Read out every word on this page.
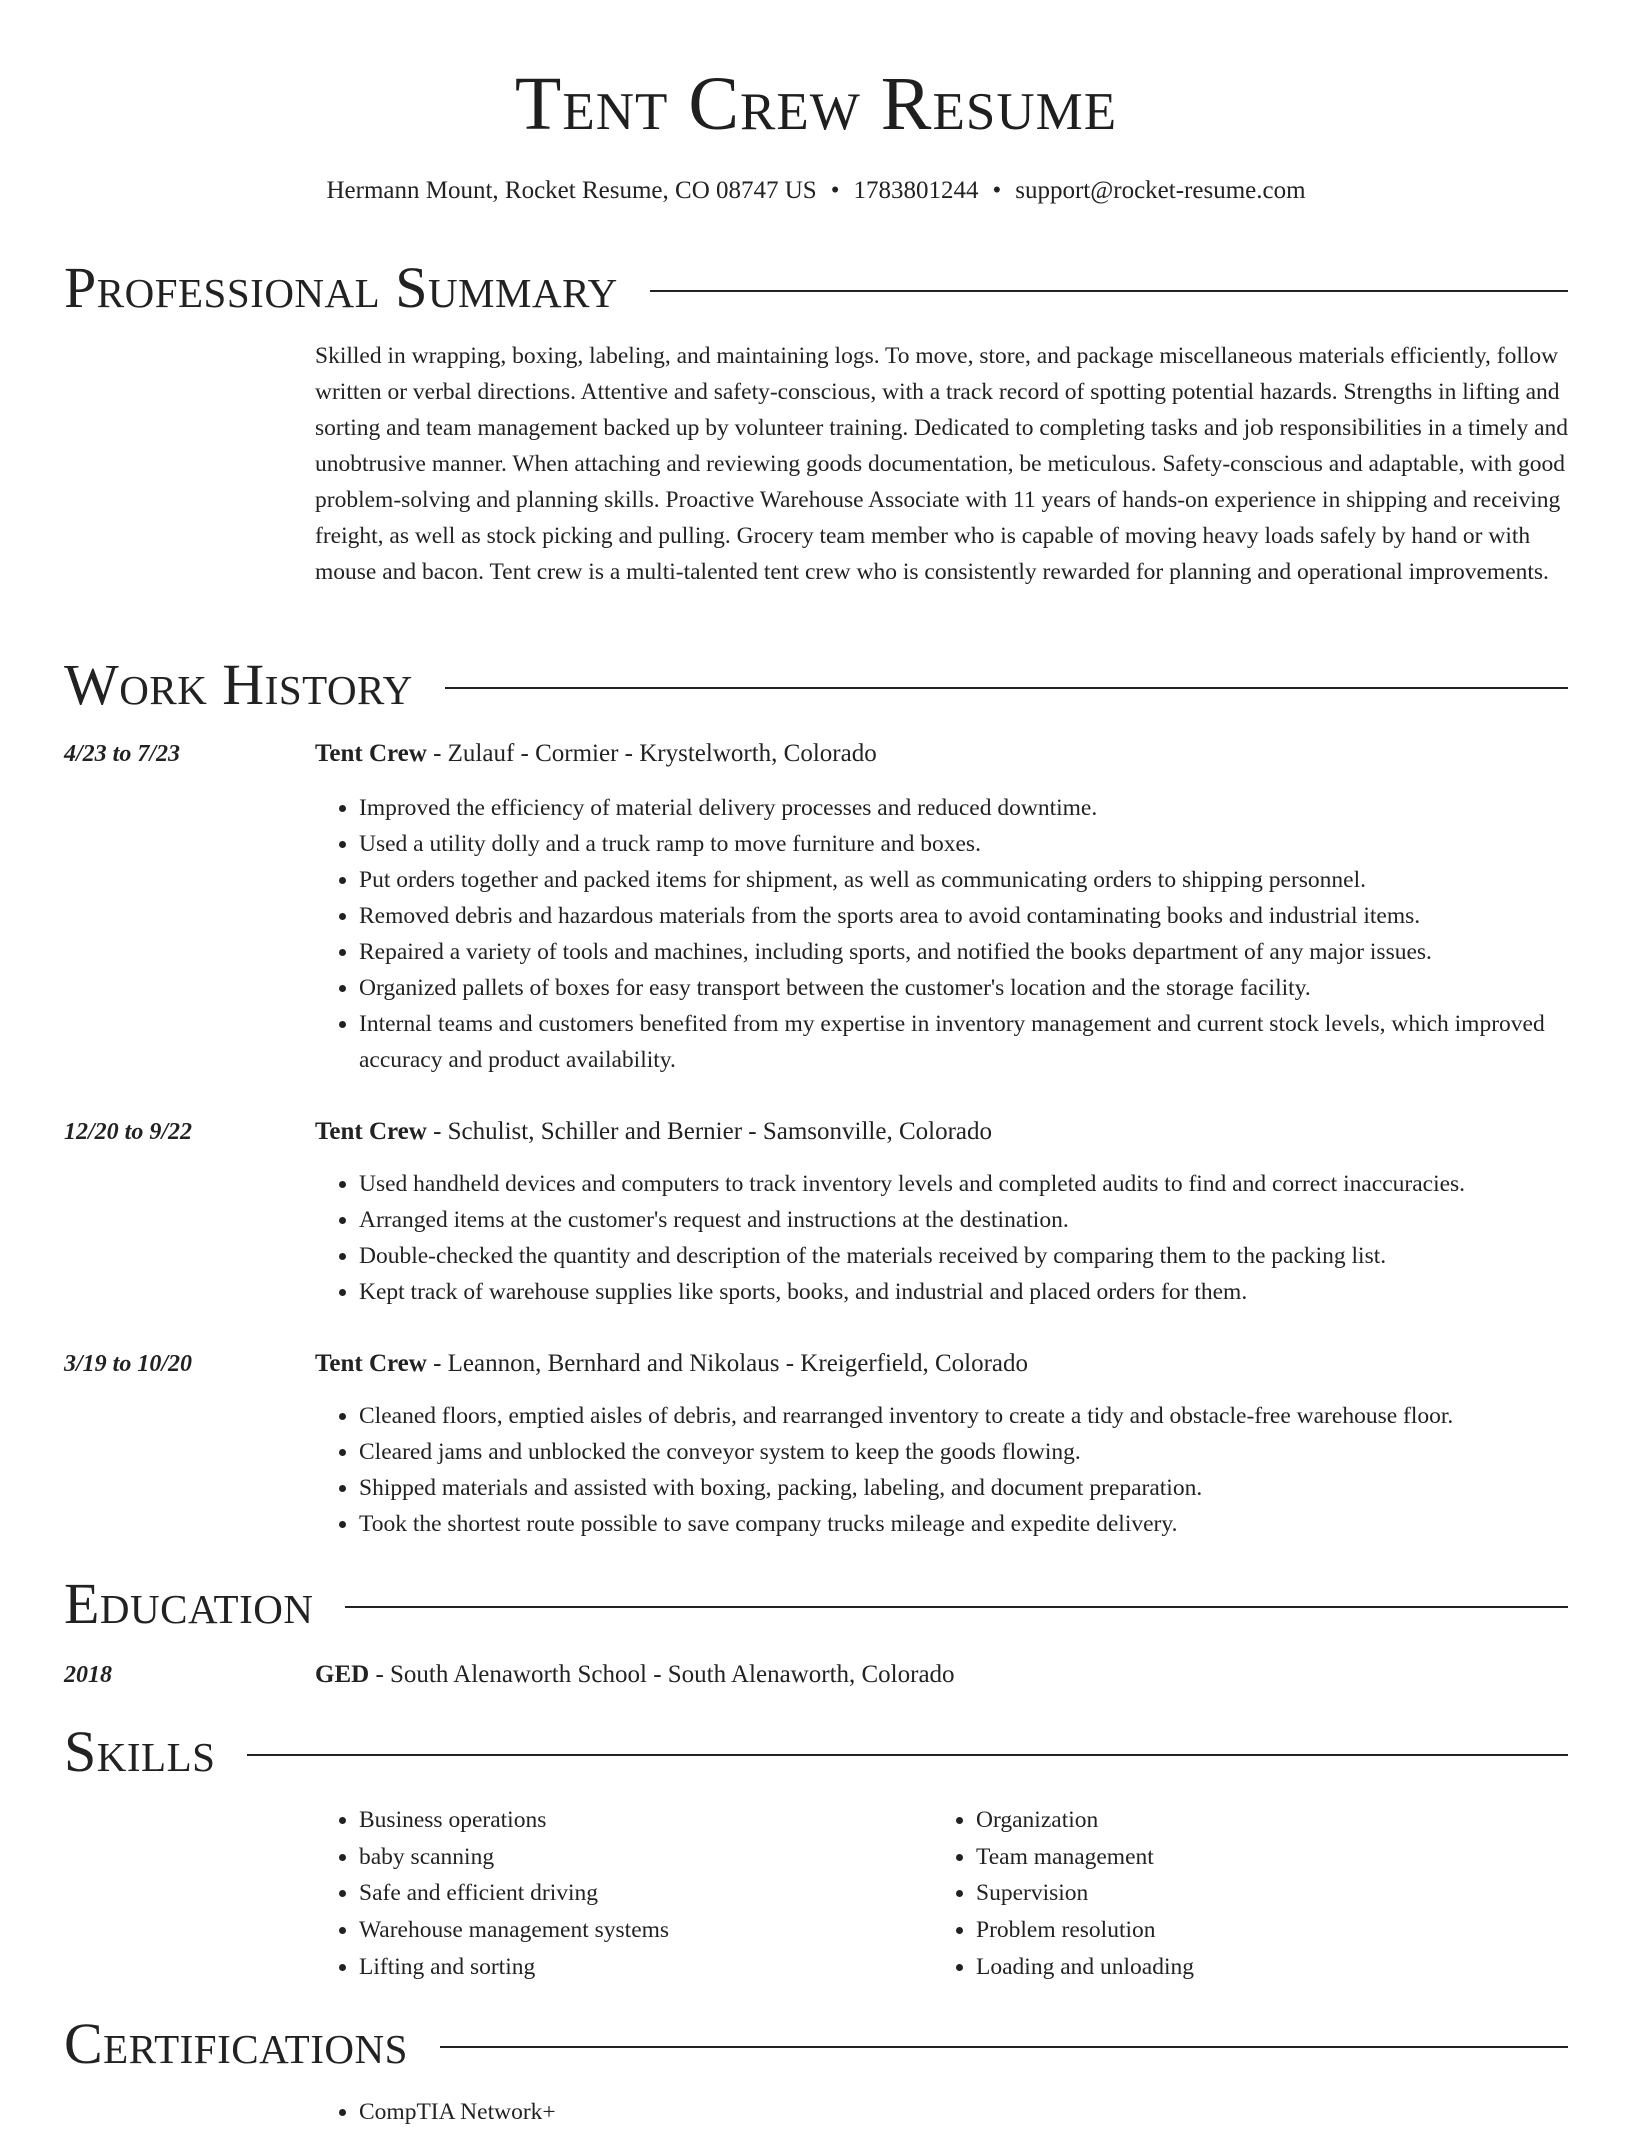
Tent Crew Resume
Hermann Mount, Rocket Resume, CO 08747 US • 1783801244 • support@rocket-resume.com
Professional Summary
Skilled in wrapping, boxing, labeling, and maintaining logs. To move, store, and package miscellaneous materials efficiently, follow written or verbal directions. Attentive and safety-conscious, with a track record of spotting potential hazards. Strengths in lifting and sorting and team management backed up by volunteer training. Dedicated to completing tasks and job responsibilities in a timely and unobtrusive manner. When attaching and reviewing goods documentation, be meticulous. Safety-conscious and adaptable, with good problem-solving and planning skills. Proactive Warehouse Associate with 11 years of hands-on experience in shipping and receiving freight, as well as stock picking and pulling. Grocery team member who is capable of moving heavy loads safely by hand or with mouse and bacon. Tent crew is a multi-talented tent crew who is consistently rewarded for planning and operational improvements.
Work History
4/23 to 7/23	Tent Crew - Zulauf - Cormier - Krystelworth, Colorado
• Improved the efficiency of material delivery processes and reduced downtime.
• Used a utility dolly and a truck ramp to move furniture and boxes.
• Put orders together and packed items for shipment, as well as communicating orders to shipping personnel.
• Removed debris and hazardous materials from the sports area to avoid contaminating books and industrial items.
• Repaired a variety of tools and machines, including sports, and notified the books department of any major issues.
• Organized pallets of boxes for easy transport between the customer's location and the storage facility.
• Internal teams and customers benefited from my expertise in inventory management and current stock levels, which improved accuracy and product availability.
12/20 to 9/22	Tent Crew - Schulist, Schiller and Bernier - Samsonville, Colorado
• Used handheld devices and computers to track inventory levels and completed audits to find and correct inaccuracies.
• Arranged items at the customer's request and instructions at the destination.
• Double-checked the quantity and description of the materials received by comparing them to the packing list.
• Kept track of warehouse supplies like sports, books, and industrial and placed orders for them.
3/19 to 10/20	Tent Crew - Leannon, Bernhard and Nikolaus - Kreigerfield, Colorado
• Cleaned floors, emptied aisles of debris, and rearranged inventory to create a tidy and obstacle-free warehouse floor.
• Cleared jams and unblocked the conveyor system to keep the goods flowing.
• Shipped materials and assisted with boxing, packing, labeling, and document preparation.
• Took the shortest route possible to save company trucks mileage and expedite delivery.
Education
2018	GED - South Alenaworth School - South Alenaworth, Colorado
Skills
• Business operations
• baby scanning
• Safe and efficient driving
• Warehouse management systems
• Lifting and sorting
• Organization
• Team management
• Supervision
• Problem resolution
• Loading and unloading
Certifications
• CompTIA Network+
